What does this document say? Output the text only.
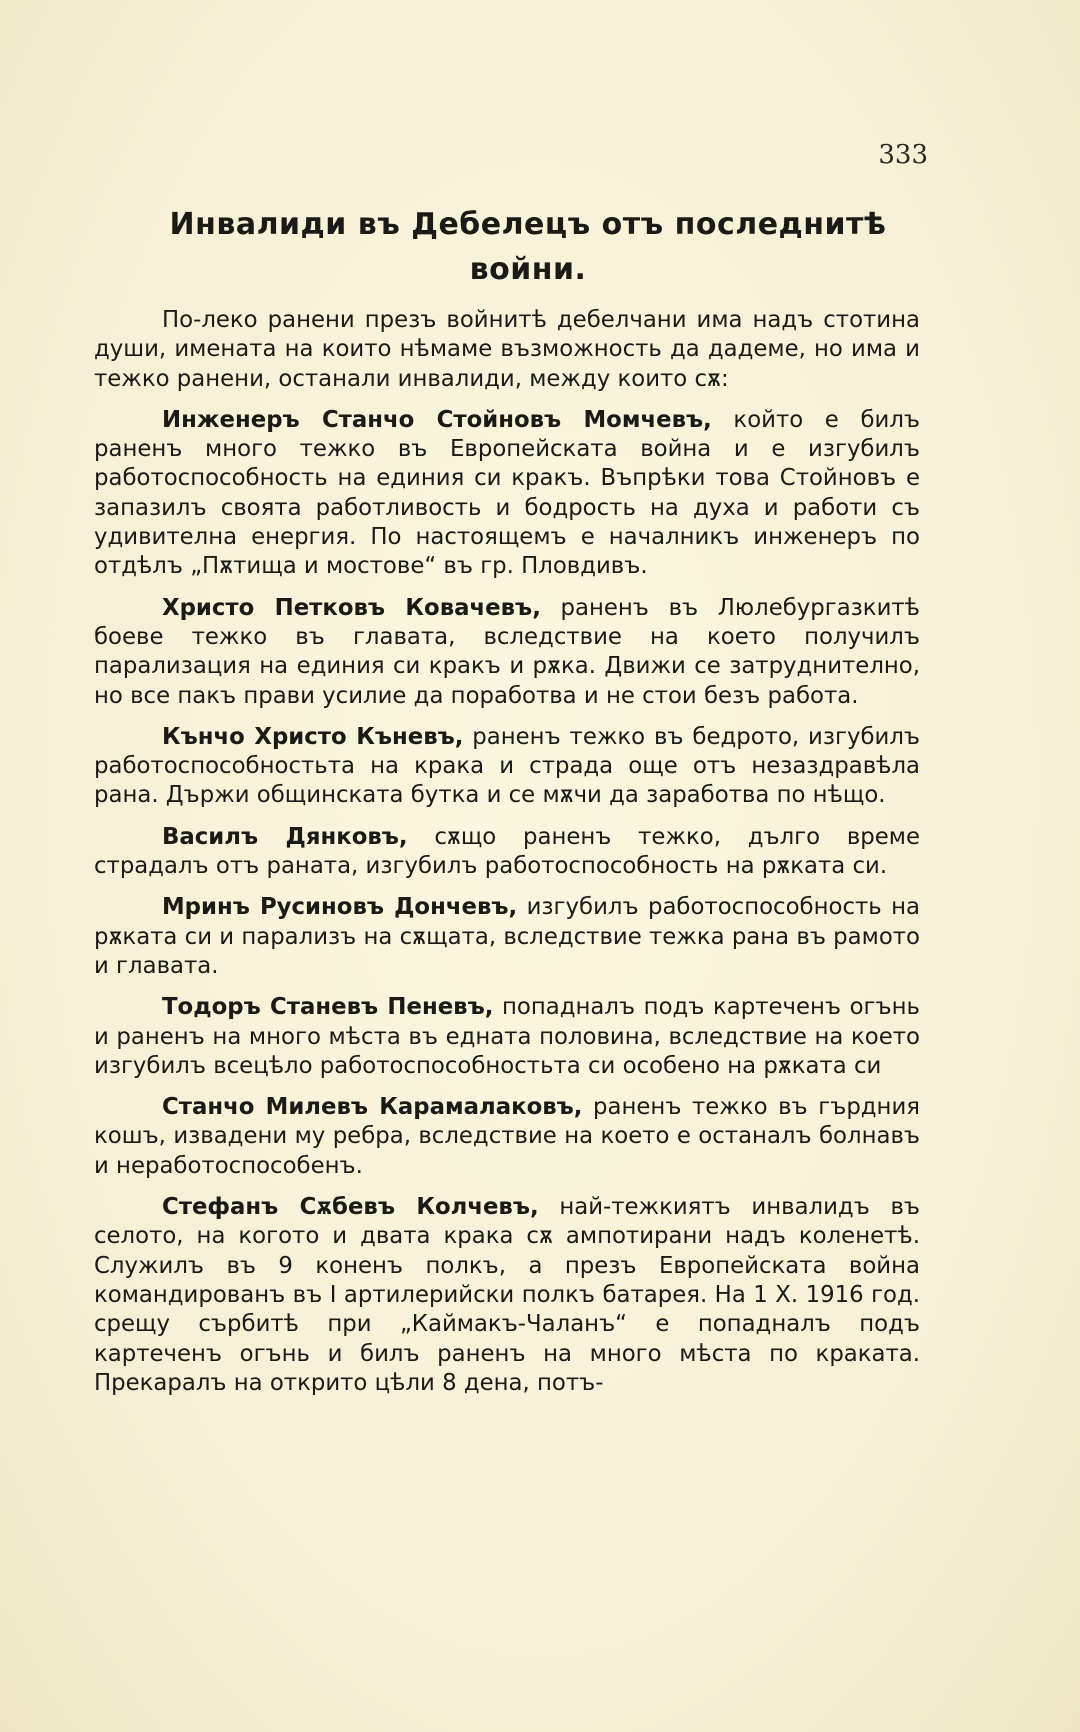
333
Инвалиди въ Дебелецъ отъ последнитѣ войни.

По-леко ранени презъ войнитѣ дебелчани има надъ стотина души, имената на които нѣмаме възможность да дадеме, но има и тежко ранени, останали инвалиди, между които сѫ:

Инженеръ Станчо Стойновъ Момчевъ, който е билъ раненъ много тежко въ Европейската война и е изгубилъ работоспособность на единия си кракъ. Въпрѣки това Стойновъ е запазилъ своята работливость и бодрость на духа и работи съ удивителна енергия. По настоящемъ е началникъ инженеръ по отдѣлъ „Пѫтища и мостове“ въ гр. Пловдивъ.

Христо Петковъ Ковачевъ, раненъ въ Люлебургазкитѣ боеве тежко въ главата, вследствие на което получилъ парализация на единия си кракъ и рѫка. Движи се затруднително, но все пакъ прави усилие да поработва и не стои безъ работа.

Кънчо Христо Къневъ, раненъ тежко въ бедрото, изгубилъ работоспособностьта на крака и страда още отъ незаздравѣла рана. Държи общинската бутка и се мѫчи да заработва по нѣщо.

Василъ Дянковъ, сѫщо раненъ тежко, дълго време страдалъ отъ раната, изгубилъ работоспособность на рѫката си.

Мринъ Русиновъ Дончевъ, изгубилъ работоспособность на рѫката си и парализъ на сѫщата, вследствие тежка рана въ рамото и главата.

Тодоръ Станевъ Пеневъ, попадналъ подъ картеченъ огънь и раненъ на много мѣста въ едната половина, вследствие на което изгубилъ всецѣло работоспособностьта си особено на рѫката си

Станчо Милевъ Карамалаковъ, раненъ тежко въ гърдния кошъ, извадени му ребра, вследствие на което е останалъ болнавъ и неработоспособенъ.

Стефанъ Сѫбевъ Колчевъ, най-тежкиятъ инвалидъ въ селото, на когото и двата крака сѫ ампотирани надъ коленетѣ. Служилъ въ 9 коненъ полкъ, а презъ Европейската война командированъ въ I артилерийски полкъ батарея. На 1 Х. 1916 год. срещу сърбитѣ при „Каймакъ-Чаланъ“ е попадналъ подъ картеченъ огънь и билъ раненъ на много мѣста по краката. Прекаралъ на открито цѣли 8 дена, потъ-
